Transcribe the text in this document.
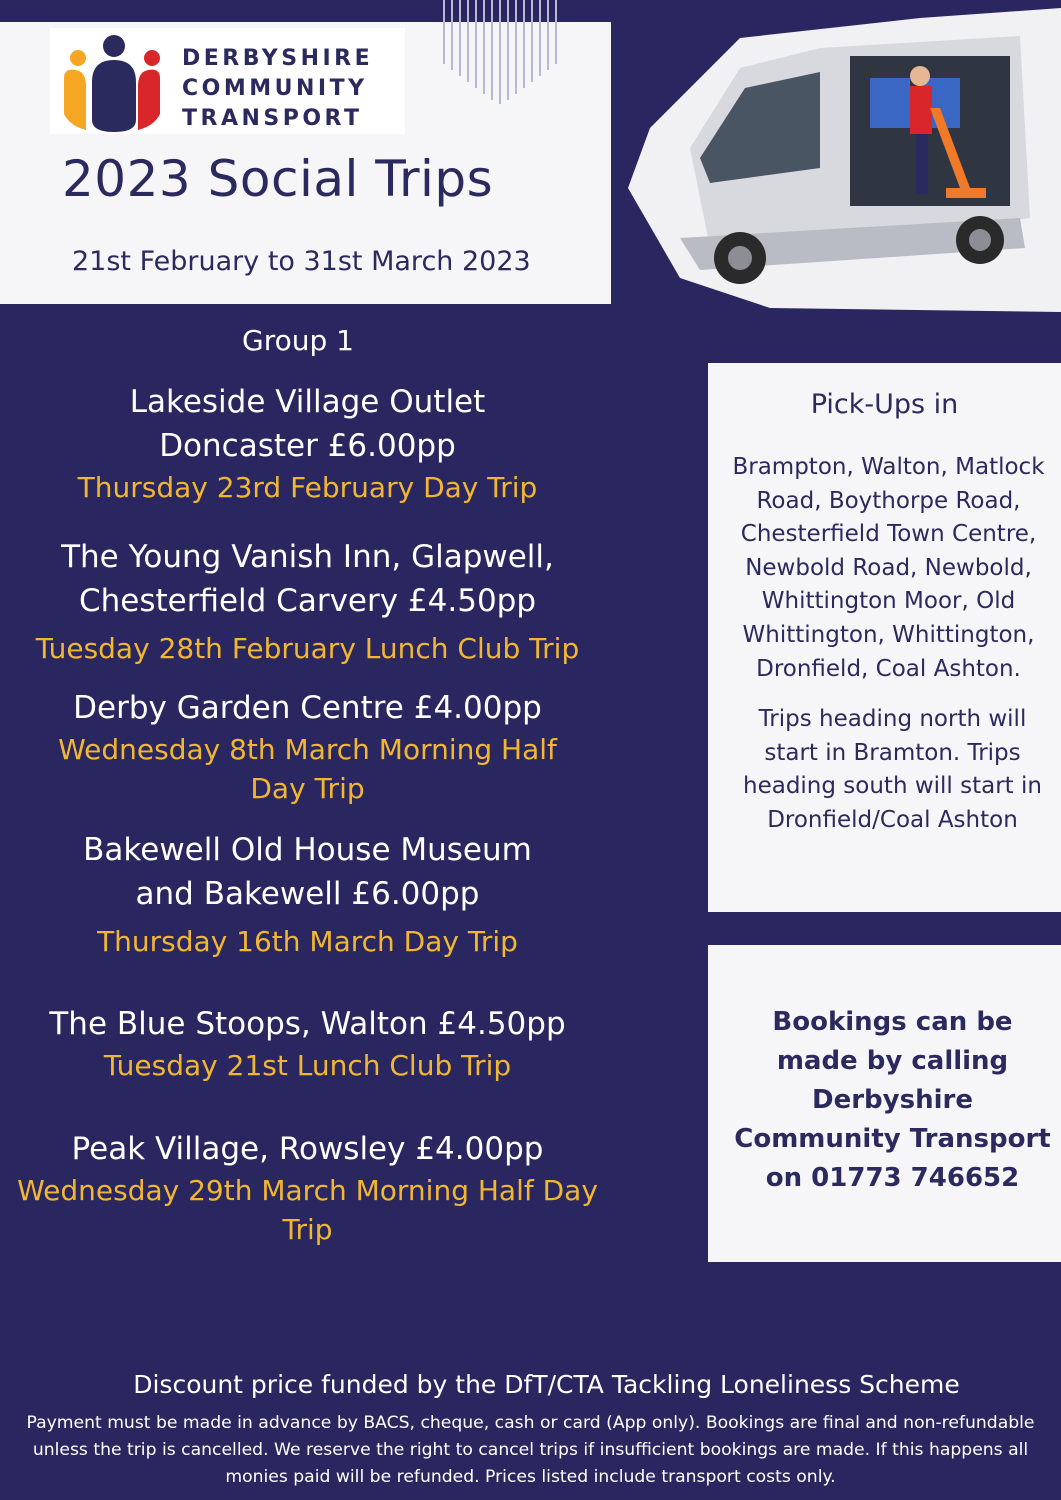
DERBYSHIRE
COMMUNITY
TRANSPORT
2023 Social Trips
21st February to 31st March 2023
Group 1
Lakeside Village Outlet
Doncaster £6.00pp
Thursday 23rd February Day Trip
The Young Vanish Inn, Glapwell,
Chesterfield Carvery £4.50pp
Tuesday 28th February Lunch Club Trip
Derby Garden Centre £4.00pp
Wednesday 8th March Morning Half
Day Trip
Bakewell Old House Museum
and Bakewell £6.00pp
Thursday 16th March Day Trip
The Blue Stoops, Walton £4.50pp
Tuesday 21st Lunch Club Trip
Peak Village, Rowsley £4.00pp
Wednesday 29th March Morning Half Day
Trip
Pick-Ups in
Brampton, Walton, Matlock
Road, Boythorpe Road,
Chesterfield Town Centre,
Newbold Road, Newbold,
Whittington Moor, Old
Whittington, Whittington,
Dronfield, Coal Ashton.
Trips heading north will
start in Bramton. Trips
heading south will start in
Dronfield/Coal Ashton
Bookings can be
made by calling
Derbyshire
Community Transport
on 01773 746652
Discount price funded by the DfT/CTA Tackling Loneliness Scheme
Payment must be made in advance by BACS, cheque, cash or card (App only). Bookings are final and non-refundable unless the trip is cancelled. We reserve the right to cancel trips if insufficient bookings are made. If this happens all monies paid will be refunded. Prices listed include transport costs only.
